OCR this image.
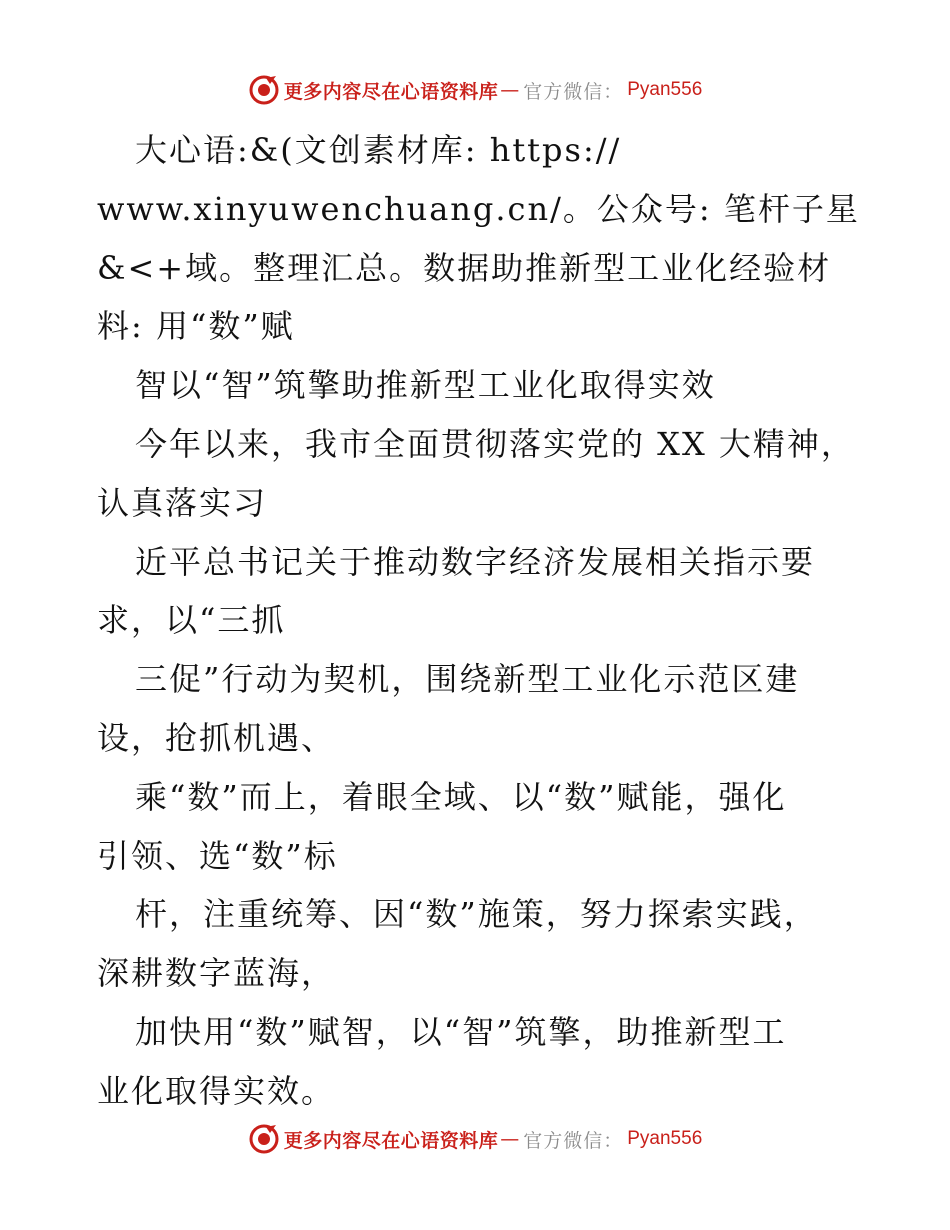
更多内容尽在心语资料库 — 官方微信： Pyan556
大心语:&(文创素材库: https://
www.xinyuwenchuang.cn/。公众号: 笔杆子星
&<+域。整理汇总。数据助推新型工业化经验材
料: 用“数”赋
智以“智”筑擎助推新型工业化取得实效
今年以来，我市全面贯彻落实党的 XX 大精神，
认真落实习
近平总书记关于推动数字经济发展相关指示要
求，以“三抓
三促”行动为契机，围绕新型工业化示范区建
设，抢抓机遇、
乘“数”而上，着眼全域、以“数”赋能，强化
引领、选“数”标
杆，注重统筹、因“数”施策，努力探索实践，
深耕数字蓝海，
加快用“数”赋智，以“智”筑擎，助推新型工
业化取得实效。
更多内容尽在心语资料库 — 官方微信： Pyan556
